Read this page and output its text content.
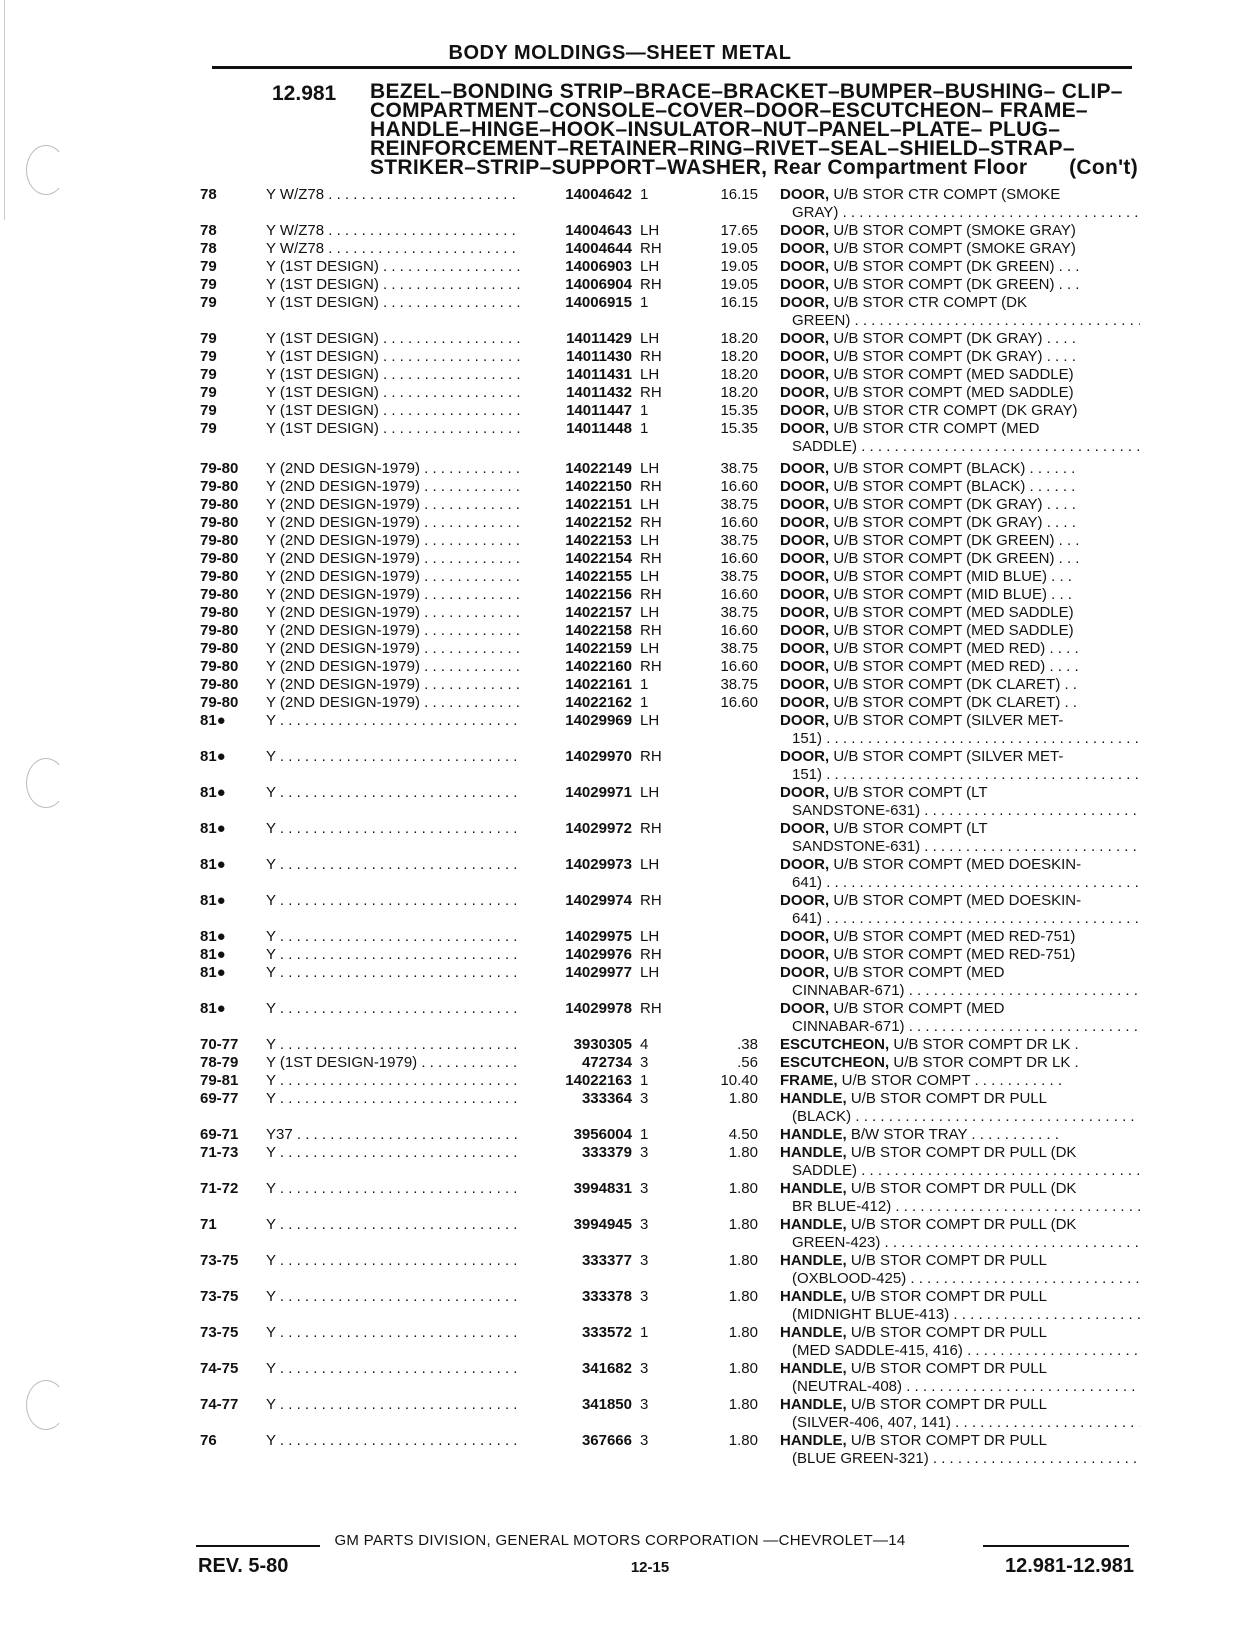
BODY MOLDINGS—SHEET METAL
12.981 BEZEL–BONDING STRIP–BRACE–BRACKET–BUMPER–BUSHING– CLIP–
COMPARTMENT–CONSOLE–COVER–DOOR–ESCUTCHEON– FRAME–
HANDLE–HINGE–HOOK–INSULATOR–NUT–PANEL–PLATE– PLUG–
REINFORCEMENT–RETAINER–RING–RIVET–SEAL–SHIELD–STRAP–
STRIKER–STRIP–SUPPORT–WASHER, Rear Compartment Floor (Con't)
78	Y W/Z78 . . .	14004642 1	16.15 DOOR, U/B STOR CTR COMPT (SMOKE
GRAY) . . .
78	Y W/Z78 . . .	14004643 LH	17.65 DOOR, U/B STOR COMPT (SMOKE GRAY)
78	Y W/Z78 . . .	14004644 RH	19.05 DOOR, U/B STOR COMPT (SMOKE GRAY)
79	Y (1ST DESIGN) . . .	14006903 LH	19.05 DOOR, U/B STOR COMPT (DK GREEN) . . .
79	Y (1ST DESIGN) . . .	14006904 RH	19.05 DOOR, U/B STOR COMPT (DK GREEN) . . .
79	Y (1ST DESIGN) . . .	14006915 1	16.15 DOOR, U/B STOR CTR COMPT (DK
GREEN) . . .
79	Y (1ST DESIGN) . . .	14011429 LH	18.20 DOOR, U/B STOR COMPT (DK GRAY) . . . .
79	Y (1ST DESIGN) . . .	14011430 RH	18.20 DOOR, U/B STOR COMPT (DK GRAY) . . . .
79	Y (1ST DESIGN) . . .	14011431 LH	18.20 DOOR, U/B STOR COMPT (MED SADDLE)
79	Y (1ST DESIGN) . . .	14011432 RH	18.20 DOOR, U/B STOR COMPT (MED SADDLE)
79	Y (1ST DESIGN) . . .	14011447 1	15.35 DOOR, U/B STOR CTR COMPT (DK GRAY)
79	Y (1ST DESIGN) . . .	14011448 1	15.35 DOOR, U/B STOR CTR COMPT (MED
SADDLE) . . .
79-80 Y (2ND DESIGN-1979) . . .	14022149 LH	38.75 DOOR, U/B STOR COMPT (BLACK) . . . . . .
79-80 Y (2ND DESIGN-1979) . . .	14022150 RH	16.60 DOOR, U/B STOR COMPT (BLACK) . . . . . .
79-80 Y (2ND DESIGN-1979) . . .	14022151 LH	38.75 DOOR, U/B STOR COMPT (DK GRAY) . . . .
79-80 Y (2ND DESIGN-1979) . . .	14022152 RH	16.60 DOOR, U/B STOR COMPT (DK GRAY) . . . .
79-80 Y (2ND DESIGN-1979) . . .	14022153 LH	38.75 DOOR, U/B STOR COMPT (DK GREEN) . . .
79-80 Y (2ND DESIGN-1979) . . .	14022154 RH	16.60 DOOR, U/B STOR COMPT (DK GREEN) . . .
79-80 Y (2ND DESIGN-1979) . . .	14022155 LH	38.75 DOOR, U/B STOR COMPT (MID BLUE) . . .
79-80 Y (2ND DESIGN-1979) . . .	14022156 RH	16.60 DOOR, U/B STOR COMPT (MID BLUE) . . .
79-80 Y (2ND DESIGN-1979) . . .	14022157 LH	38.75 DOOR, U/B STOR COMPT (MED SADDLE)
79-80 Y (2ND DESIGN-1979) . . .	14022158 RH	16.60 DOOR, U/B STOR COMPT (MED SADDLE)
79-80 Y (2ND DESIGN-1979) . . .	14022159 LH	38.75 DOOR, U/B STOR COMPT (MED RED) . . . .
79-80 Y (2ND DESIGN-1979) . . .	14022160 RH	16.60 DOOR, U/B STOR COMPT (MED RED) . . . .
79-80 Y (2ND DESIGN-1979) . . .	14022161 1	38.75 DOOR, U/B STOR COMPT (DK CLARET) . .
79-80 Y (2ND DESIGN-1979) . . .	14022162 1	16.60 DOOR, U/B STOR COMPT (DK CLARET) . .
81●	Y . . .	14029969 LH	DOOR, U/B STOR COMPT (SILVER MET-
151) . . .
81●	Y . . .	14029970 RH	DOOR, U/B STOR COMPT (SILVER MET-
151) . . .
81●	Y . . .	14029971 LH	DOOR, U/B STOR COMPT (LT
SANDSTONE-631) . . .
81●	Y . . .	14029972 RH	DOOR, U/B STOR COMPT (LT
SANDSTONE-631) . . .
81●	Y . . .	14029973 LH	DOOR, U/B STOR COMPT (MED DOESKIN-
641) . . .
81●	Y . . .	14029974 RH	DOOR, U/B STOR COMPT (MED DOESKIN-
641) . . .
81●	Y . . .	14029975 LH	DOOR, U/B STOR COMPT (MED RED-751)
81●	Y . . .	14029976 RH	DOOR, U/B STOR COMPT (MED RED-751)
81●	Y . . .	14029977 LH	DOOR, U/B STOR COMPT (MED
CINNABAR-671) . . .
81●	Y . . .	14029978 RH	DOOR, U/B STOR COMPT (MED
CINNABAR-671) . . .
70-77 Y . . .	3930305 4	.38 ESCUTCHEON, U/B STOR COMPT DR LK .
78-79 Y (1ST DESIGN-1979) . . .	472734 3	.56 ESCUTCHEON, U/B STOR COMPT DR LK .
79-81 Y . . .	14022163 1	10.40 FRAME, U/B STOR COMPT . . . . . . . . . . .
69-77 Y . . .	333364 3	1.80 HANDLE, U/B STOR COMPT DR PULL
(BLACK) . . .
69-71 Y37 . . .	3956004 1	4.50 HANDLE, B/W STOR TRAY . . . . . . . . . . .
71-73 Y . . .	333379 3	1.80 HANDLE, U/B STOR COMPT DR PULL (DK
SADDLE) . . .
71-72 Y . . .	3994831 3	1.80 HANDLE, U/B STOR COMPT DR PULL (DK
BR BLUE-412) . . .
71	Y . . .	3994945 3	1.80 HANDLE, U/B STOR COMPT DR PULL (DK
GREEN-423) . . .
73-75 Y . . .	333377 3	1.80 HANDLE, U/B STOR COMPT DR PULL
(OXBLOOD-425) . . .
73-75 Y . . .	333378 3	1.80 HANDLE, U/B STOR COMPT DR PULL
(MIDNIGHT BLUE-413) . . .
73-75 Y . . .	333572 1	1.80 HANDLE, U/B STOR COMPT DR PULL
(MED SADDLE-415, 416) . . .
74-75 Y . . .	341682 3	1.80 HANDLE, U/B STOR COMPT DR PULL
(NEUTRAL-408) . . .
74-77 Y . . .	341850 3	1.80 HANDLE, U/B STOR COMPT DR PULL
(SILVER-406, 407, 141) . . .
76	Y . . .	367666 3	1.80 HANDLE, U/B STOR COMPT DR PULL
(BLUE GREEN-321) . . .
GM PARTS DIVISION, GENERAL MOTORS CORPORATION —CHEVROLET—14
REV. 5-80	12-15	12.981-12.981
